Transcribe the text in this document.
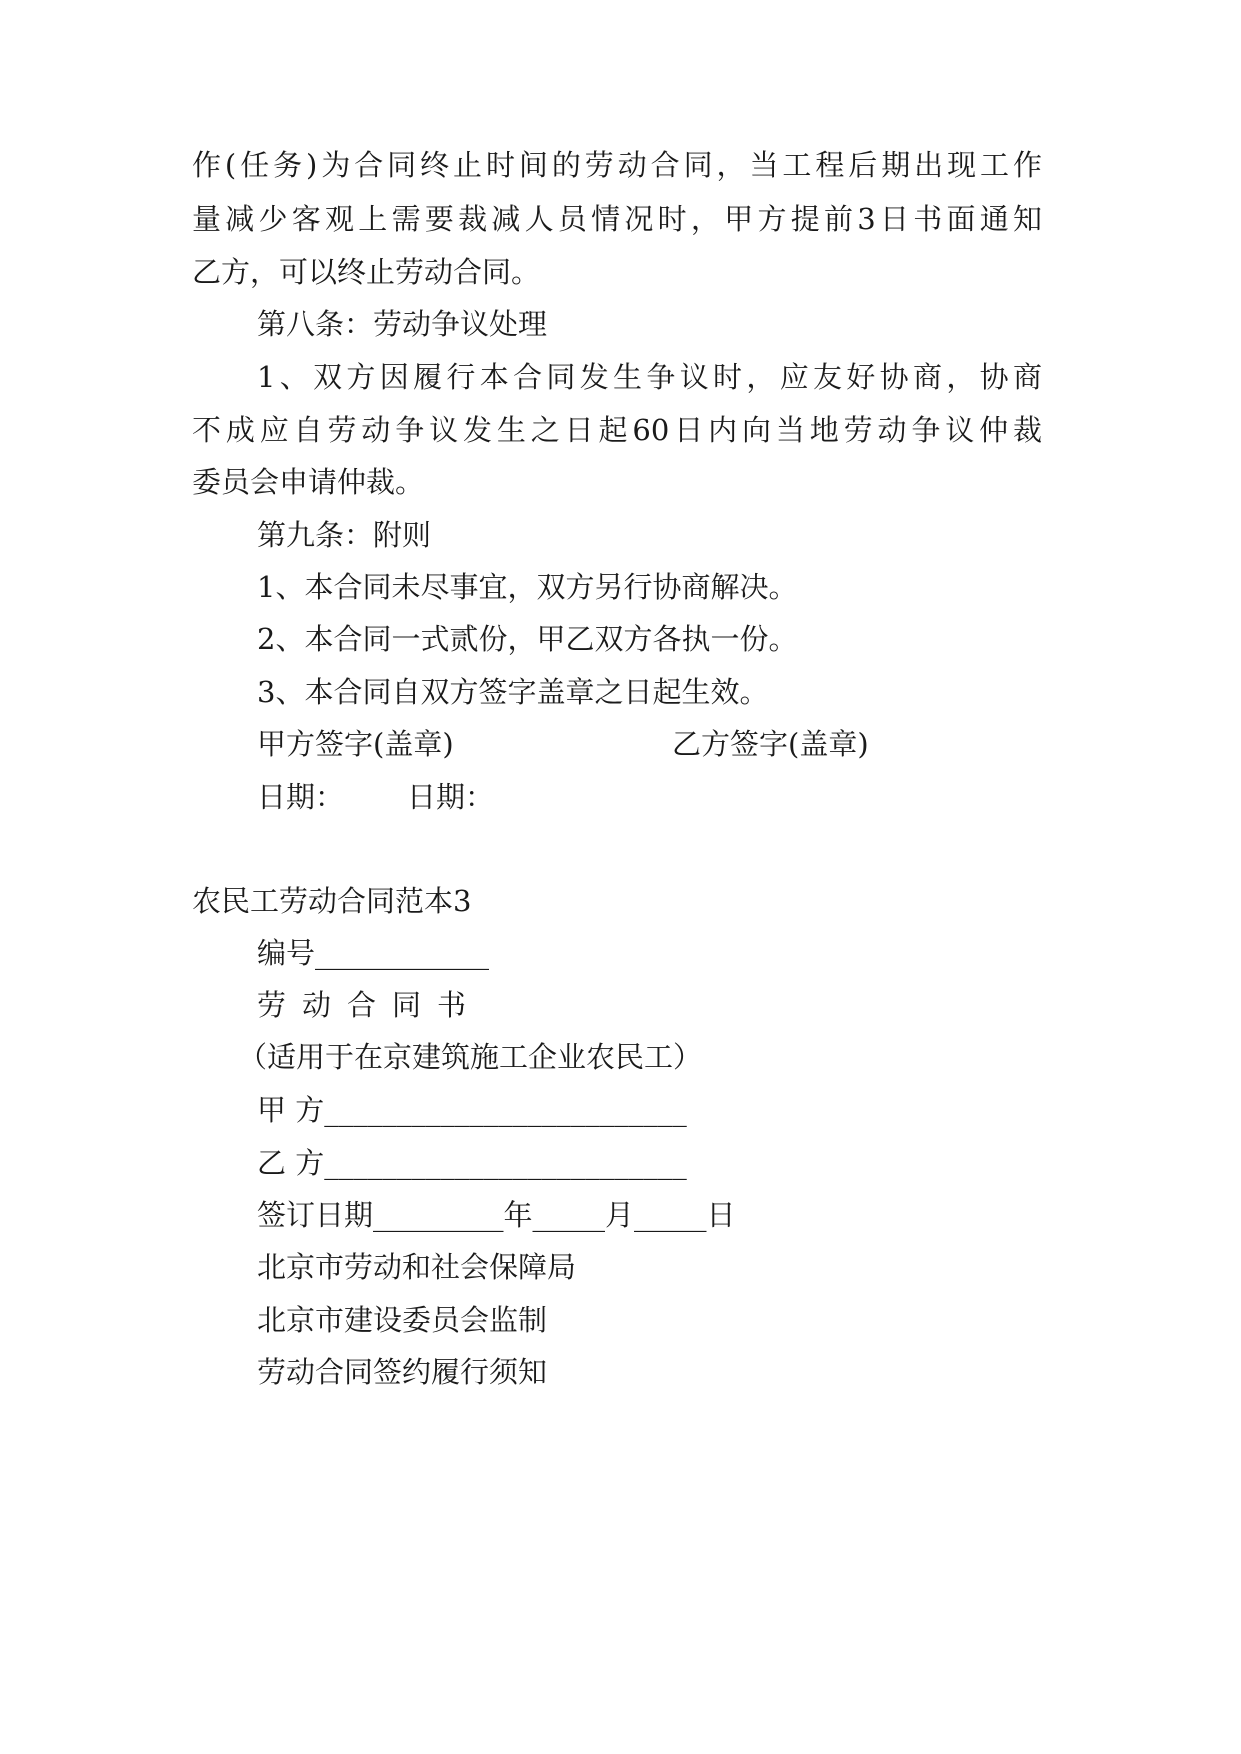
作(任务)为合同终止时间的劳动合同，当工程后期出现工作
量减少客观上需要裁减人员情况时，甲方提前3日书面通知
乙方，可以终止劳动合同。
第八条：劳动争议处理
1、双方因履行本合同发生争议时，应友好协商，协商
不成应自劳动争议发生之日起60日内向当地劳动争议仲裁
委员会申请仲裁。
第九条：附则
1、本合同未尽事宜，双方另行协商解决。
2、本合同一式贰份，甲乙双方各执一份。
3、本合同自双方签字盖章之日起生效。
甲方签字(盖章)	乙方签字(盖章)
日期： 日期：
农民工劳动合同范本3
编号____________
劳动合同书
（适用于在京建筑施工企业农民工）
甲 方_________________________
乙 方_________________________
签订日期_________年_____月_____日
北京市劳动和社会保障局
北京市建设委员会监制
劳动合同签约履行须知
